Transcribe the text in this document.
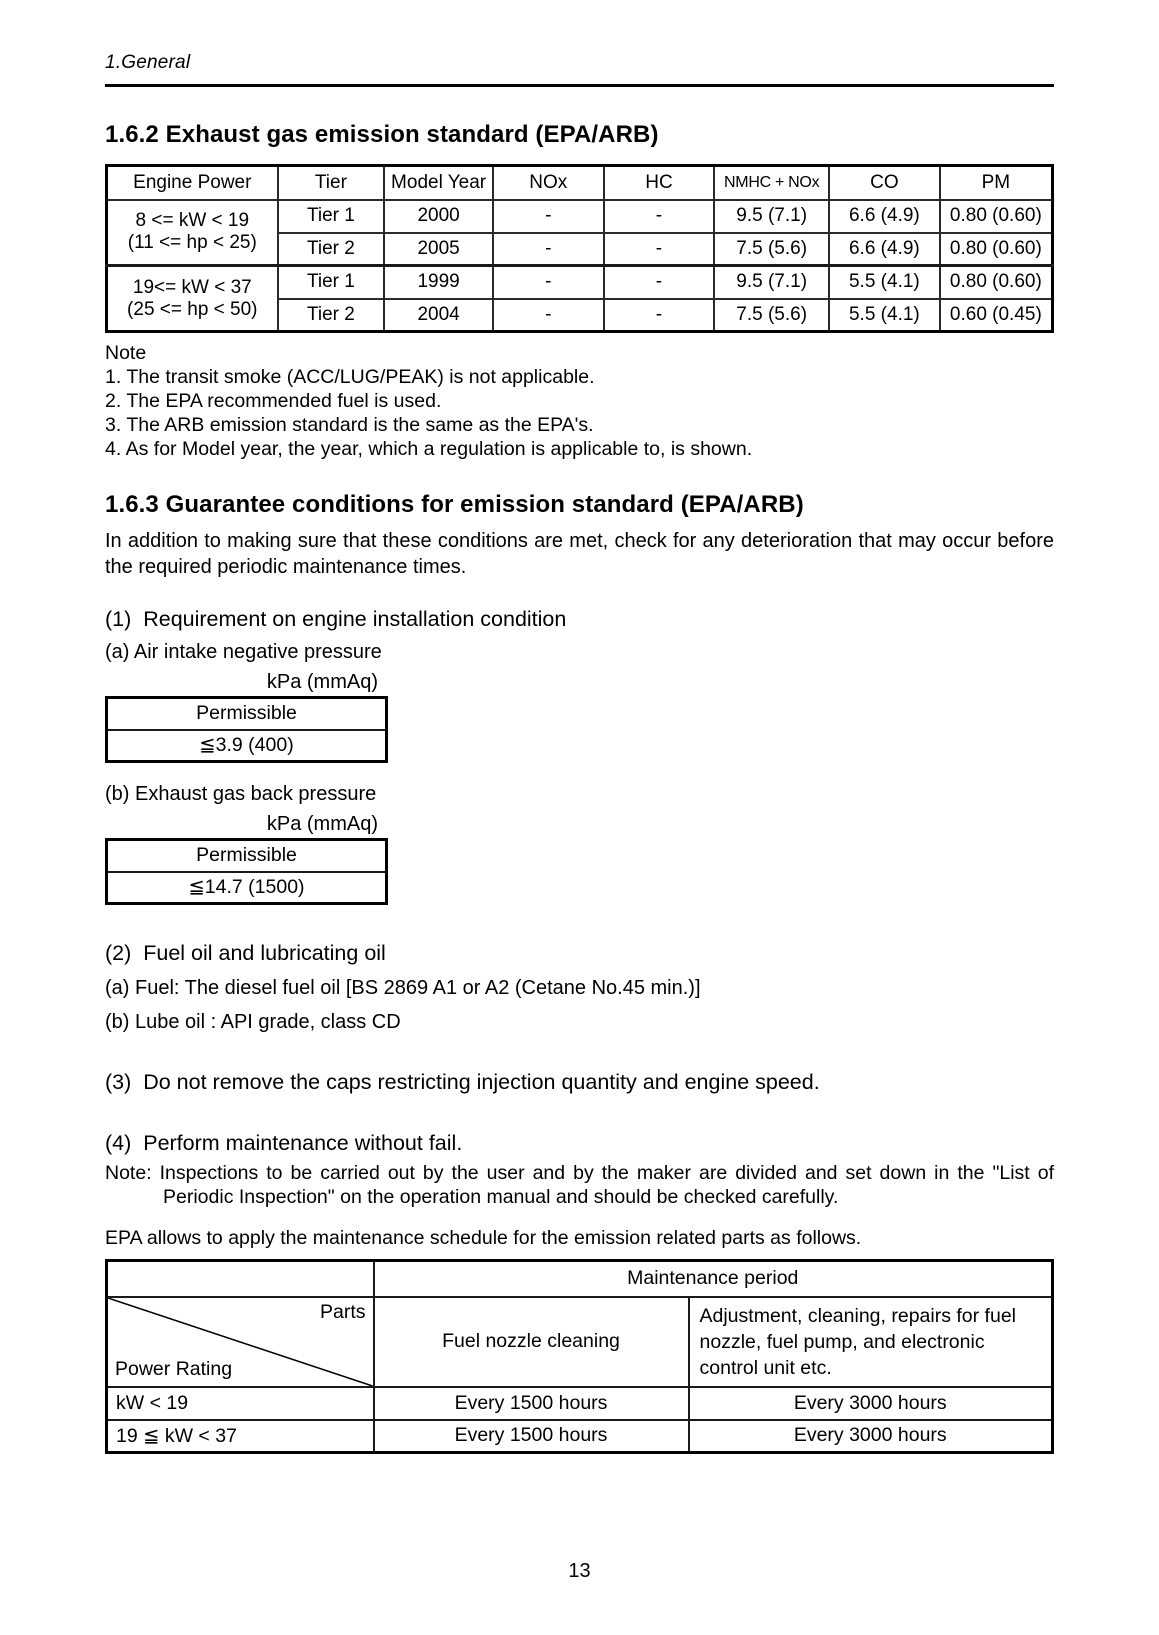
1.General
1.6.2 Exhaust gas emission standard (EPA/ARB)
Engine Power	Tier	Model Year	NOx	HC	NMHC + NOx	CO	PM

8 <= kW < 19
(11 <= hp < 25)	Tier 1	2000	-	-	9.5 (7.1)	6.6 (4.9)	0.80 (0.60)
	Tier 2	2005	-	-	7.5 (5.6)	6.6 (4.9)	0.80 (0.60)

19<= kW < 37
(25 <= hp < 50)	Tier 1	1999	-	-	9.5 (7.1)	5.5 (4.1)	0.80 (0.60)
	Tier 2	2004	-	-	7.5 (5.6)	5.5 (4.1)	0.60 (0.45)
Note
1. The transit smoke (ACC/LUG/PEAK) is not applicable.
2. The EPA recommended fuel is used.
3. The ARB emission standard is the same as the EPA's.
4. As for Model year, the year, which a regulation is applicable to, is shown.
1.6.3 Guarantee conditions for emission standard (EPA/ARB)

In addition to making sure that these conditions are met, check for any deterioration that may occur before the required periodic maintenance times.

(1)  Requirement on engine installation condition
(a) Air intake negative pressure
kPa (mmAq)
Permissible
≦3.9 (400)
(b) Exhaust gas back pressure
kPa (mmAq)
Permissible
≦14.7 (1500)
(2)  Fuel oil and lubricating oil
(a) Fuel: The diesel fuel oil [BS 2869 A1 or A2 (Cetane No.45 min.)]
(b) Lube oil : API grade, class CD
(3)  Do not remove the caps restricting injection quantity and engine speed.
(4)  Perform maintenance without fail.
Note: Inspections to be carried out by the user and by the maker are divided and set down in the "List of Periodic Inspection" on the operation manual and should be checked carefully.
EPA allows to apply the maintenance schedule for the emission related parts as follows.
	Maintenance period	

Parts
Power Rating	Fuel nozzle cleaning	Adjustment, cleaning, repairs for fuel nozzle, fuel pump, and electronic control unit etc.
kW < 19	Every 1500 hours	Every 3000 hours
19 ≦ kW < 37	Every 1500 hours	Every 3000 hours
13
